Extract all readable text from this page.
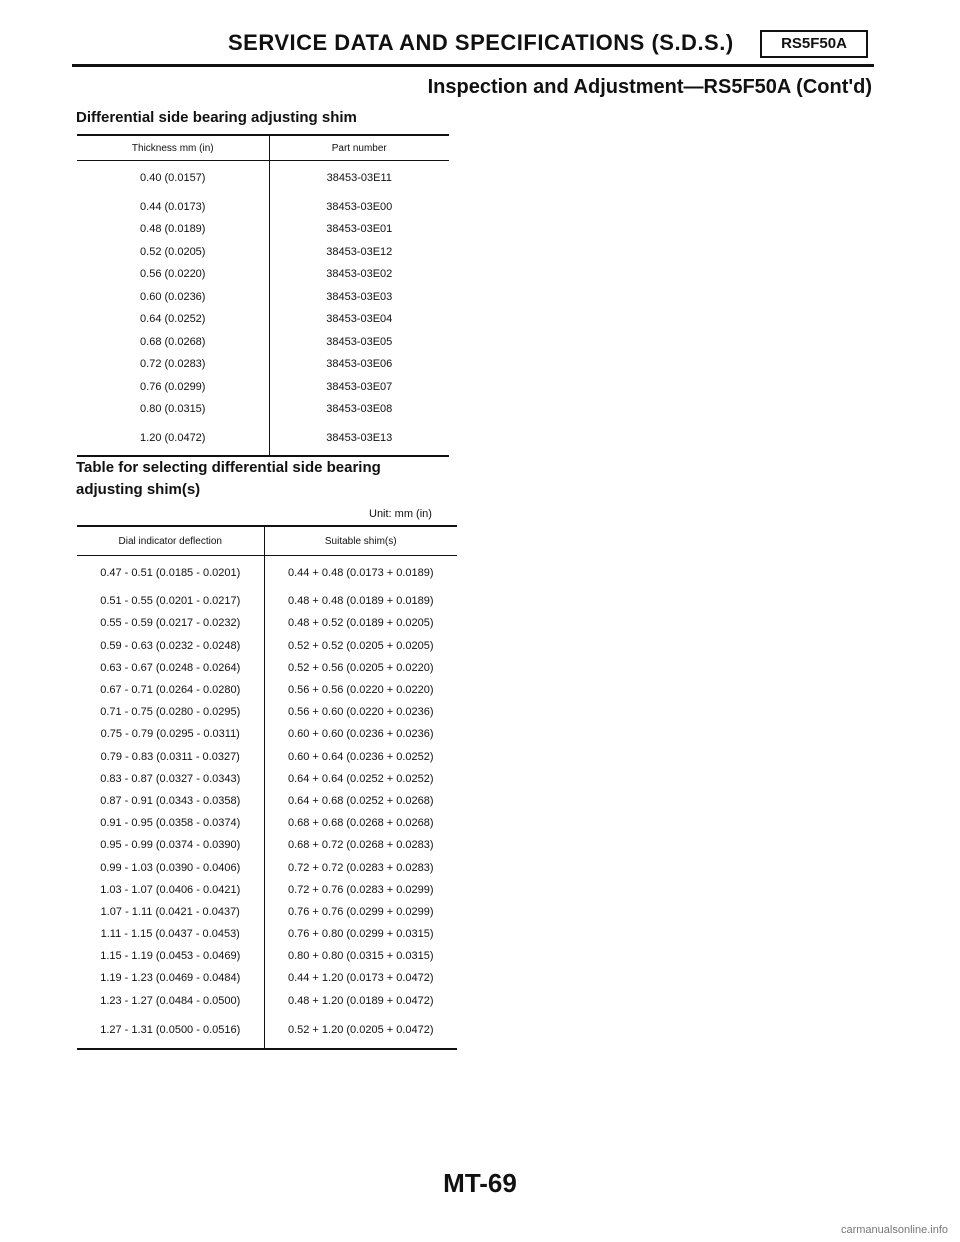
SERVICE DATA AND SPECIFICATIONS (S.D.S.)	RS5F50A
Inspection and Adjustment—RS5F50A (Cont'd)
Differential side bearing adjusting shim
Thickness mm (in)	Part number
0.40 (0.0157)	38453-03E11
0.44 (0.0173)	38453-03E00
0.48 (0.0189)	38453-03E01
0.52 (0.0205)	38453-03E12
0.56 (0.0220)	38453-03E02
0.60 (0.0236)	38453-03E03
0.64 (0.0252)	38453-03E04
0.68 (0.0268)	38453-03E05
0.72 (0.0283)	38453-03E06
0.76 (0.0299)	38453-03E07
0.80 (0.0315)	38453-03E08
1.20 (0.0472)	38453-03E13
Table for selecting differential side bearing
adjusting shim(s)
Unit: mm (in)
Dial indicator deflection	Suitable shim(s)
0.47 - 0.51 (0.0185 - 0.0201)	0.44 + 0.48 (0.0173 + 0.0189)
0.51 - 0.55 (0.0201 - 0.0217)	0.48 + 0.48 (0.0189 + 0.0189)
0.55 - 0.59 (0.0217 - 0.0232)	0.48 + 0.52 (0.0189 + 0.0205)
0.59 - 0.63 (0.0232 - 0.0248)	0.52 + 0.52 (0.0205 + 0.0205)
0.63 - 0.67 (0.0248 - 0.0264)	0.52 + 0.56 (0.0205 + 0.0220)
0.67 - 0.71 (0.0264 - 0.0280)	0.56 + 0.56 (0.0220 + 0.0220)
0.71 - 0.75 (0.0280 - 0.0295)	0.56 + 0.60 (0.0220 + 0.0236)
0.75 - 0.79 (0.0295 - 0.0311)	0.60 + 0.60 (0.0236 + 0.0236)
0.79 - 0.83 (0.0311 - 0.0327)	0.60 + 0.64 (0.0236 + 0.0252)
0.83 - 0.87 (0.0327 - 0.0343)	0.64 + 0.64 (0.0252 + 0.0252)
0.87 - 0.91 (0.0343 - 0.0358)	0.64 + 0.68 (0.0252 + 0.0268)
0.91 - 0.95 (0.0358 - 0.0374)	0.68 + 0.68 (0.0268 + 0.0268)
0.95 - 0.99 (0.0374 - 0.0390)	0.68 + 0.72 (0.0268 + 0.0283)
0.99 - 1.03 (0.0390 - 0.0406)	0.72 + 0.72 (0.0283 + 0.0283)
1.03 - 1.07 (0.0406 - 0.0421)	0.72 + 0.76 (0.0283 + 0.0299)
1.07 - 1.11 (0.0421 - 0.0437)	0.76 + 0.76 (0.0299 + 0.0299)
1.11 - 1.15 (0.0437 - 0.0453)	0.76 + 0.80 (0.0299 + 0.0315)
1.15 - 1.19 (0.0453 - 0.0469)	0.80 + 0.80 (0.0315 + 0.0315)
1.19 - 1.23 (0.0469 - 0.0484)	0.44 + 1.20 (0.0173 + 0.0472)
1.23 - 1.27 (0.0484 - 0.0500)	0.48 + 1.20 (0.0189 + 0.0472)
1.27 - 1.31 (0.0500 - 0.0516)	0.52 + 1.20 (0.0205 + 0.0472)
MT-69
carmanualsonline.info
